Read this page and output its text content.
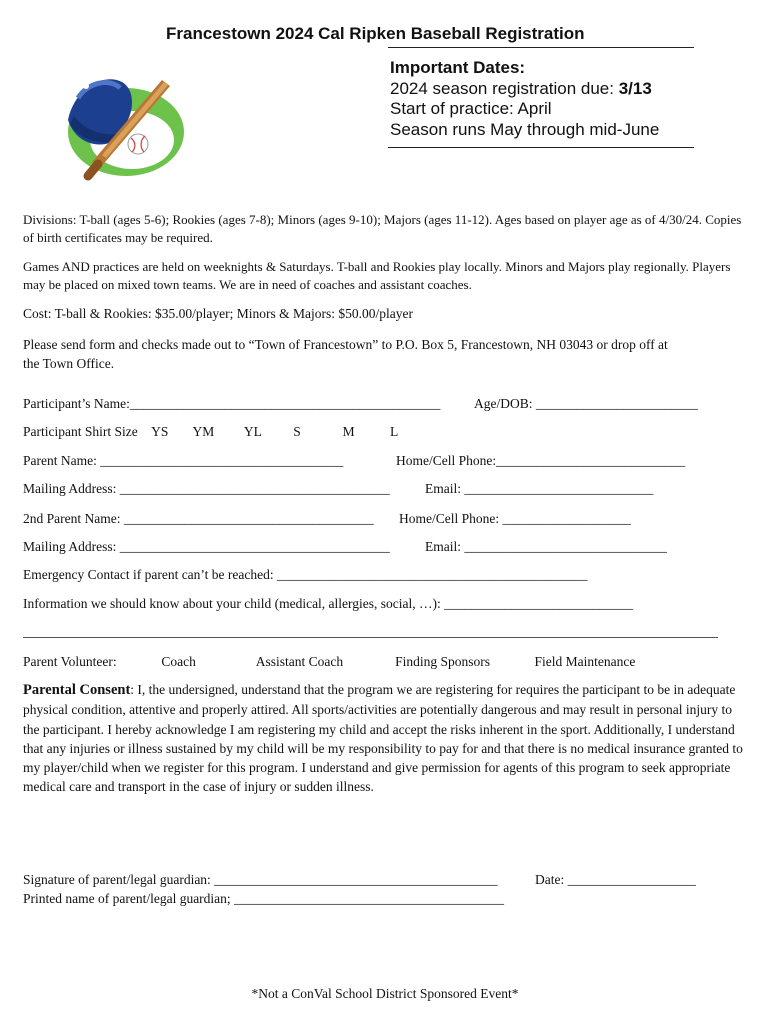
Francestown 2024 Cal Ripken Baseball Registration
Important Dates:
2024 season registration due: 3/13
Start of practice: April
Season runs May through mid-June
Divisions: T-ball (ages 5-6); Rookies (ages 7-8); Minors (ages 9-10); Majors (ages 11-12). Ages based on player age as of 4/30/24. Copies of birth certificates may be required.
Games AND practices are held on weeknights & Saturdays. T-ball and Rookies play locally. Minors and Majors play regionally. Players may be placed on mixed town teams. We are in need of coaches and assistant coaches.
Cost: T-ball & Rookies: $35.00/player; Minors & Majors: $50.00/player
Please send form and checks made out to “Town of Francestown” to P.O. Box 5, Francestown, NH 03043 or drop off at
the Town Office.
Participant’s Name:______________________________________________ Age/DOB: ________________________
Participant Shirt Size YS YM YL S	M	L
Parent Name: ____________________________________	Home/Cell Phone:____________________________
Mailing Address: ________________________________________	Email: ____________________________
2nd Parent Name: _____________________________________ Home/Cell Phone: ___________________
Mailing Address: ________________________________________	Email: ______________________________
Emergency Contact if parent can’t be reached: ______________________________________________
Information we should know about your child (medical, allergies, social, …): ____________________________
Parent Volunteer:	Coach	Assistant Coach	Finding Sponsors	Field Maintenance
Parental Consent: I, the undersigned, understand that the program we are registering for requires the participant to be in adequate physical condition, attentive and properly attired. All sports/activities are potentially dangerous and may result in personal injury to the participant. I hereby acknowledge I am registering my child and accept the risks inherent in the sport. Additionally, I understand that any injuries or illness sustained by my child will be my responsibility to pay for and that there is no medical insurance granted to my player/child when we register for this program. I understand and give permission for agents of this program to seek appropriate medical care and transport in the case of injury or sudden illness.
Signature of parent/legal guardian: __________________________________________	Date: ___________________
Printed name of parent/legal guardian; ________________________________________
*Not a ConVal School District Sponsored Event*
